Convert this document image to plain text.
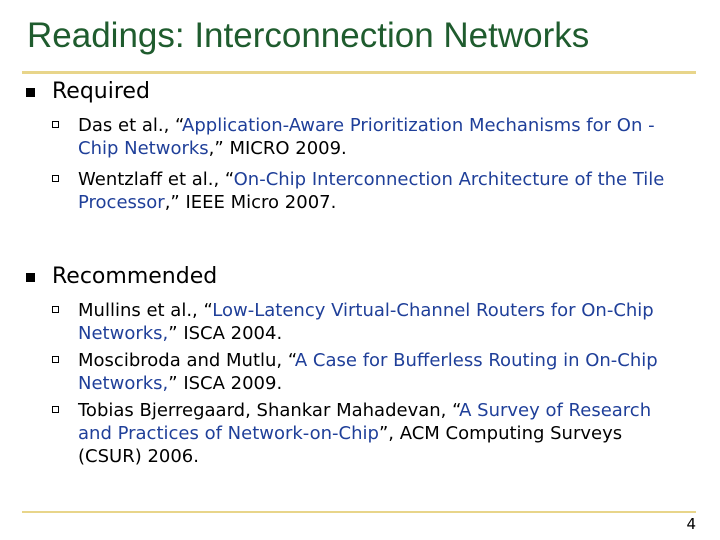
Readings: Interconnection Networks
Required
Das et al., “Application-Aware Prioritization Mechanisms for On -Chip Networks,” MICRO 2009.
Wentzlaff et al., “On-Chip Interconnection Architecture of the Tile Processor,” IEEE Micro 2007.
Recommended
Mullins et al., “Low-Latency Virtual-Channel Routers for On-Chip Networks,” ISCA 2004.
Moscibroda and Mutlu, “A Case for Bufferless Routing in On-Chip Networks,” ISCA 2009.
Tobias Bjerregaard, Shankar Mahadevan, “A Survey of Research and Practices of Network-on-Chip”, ACM Computing Surveys (CSUR) 2006.
4
